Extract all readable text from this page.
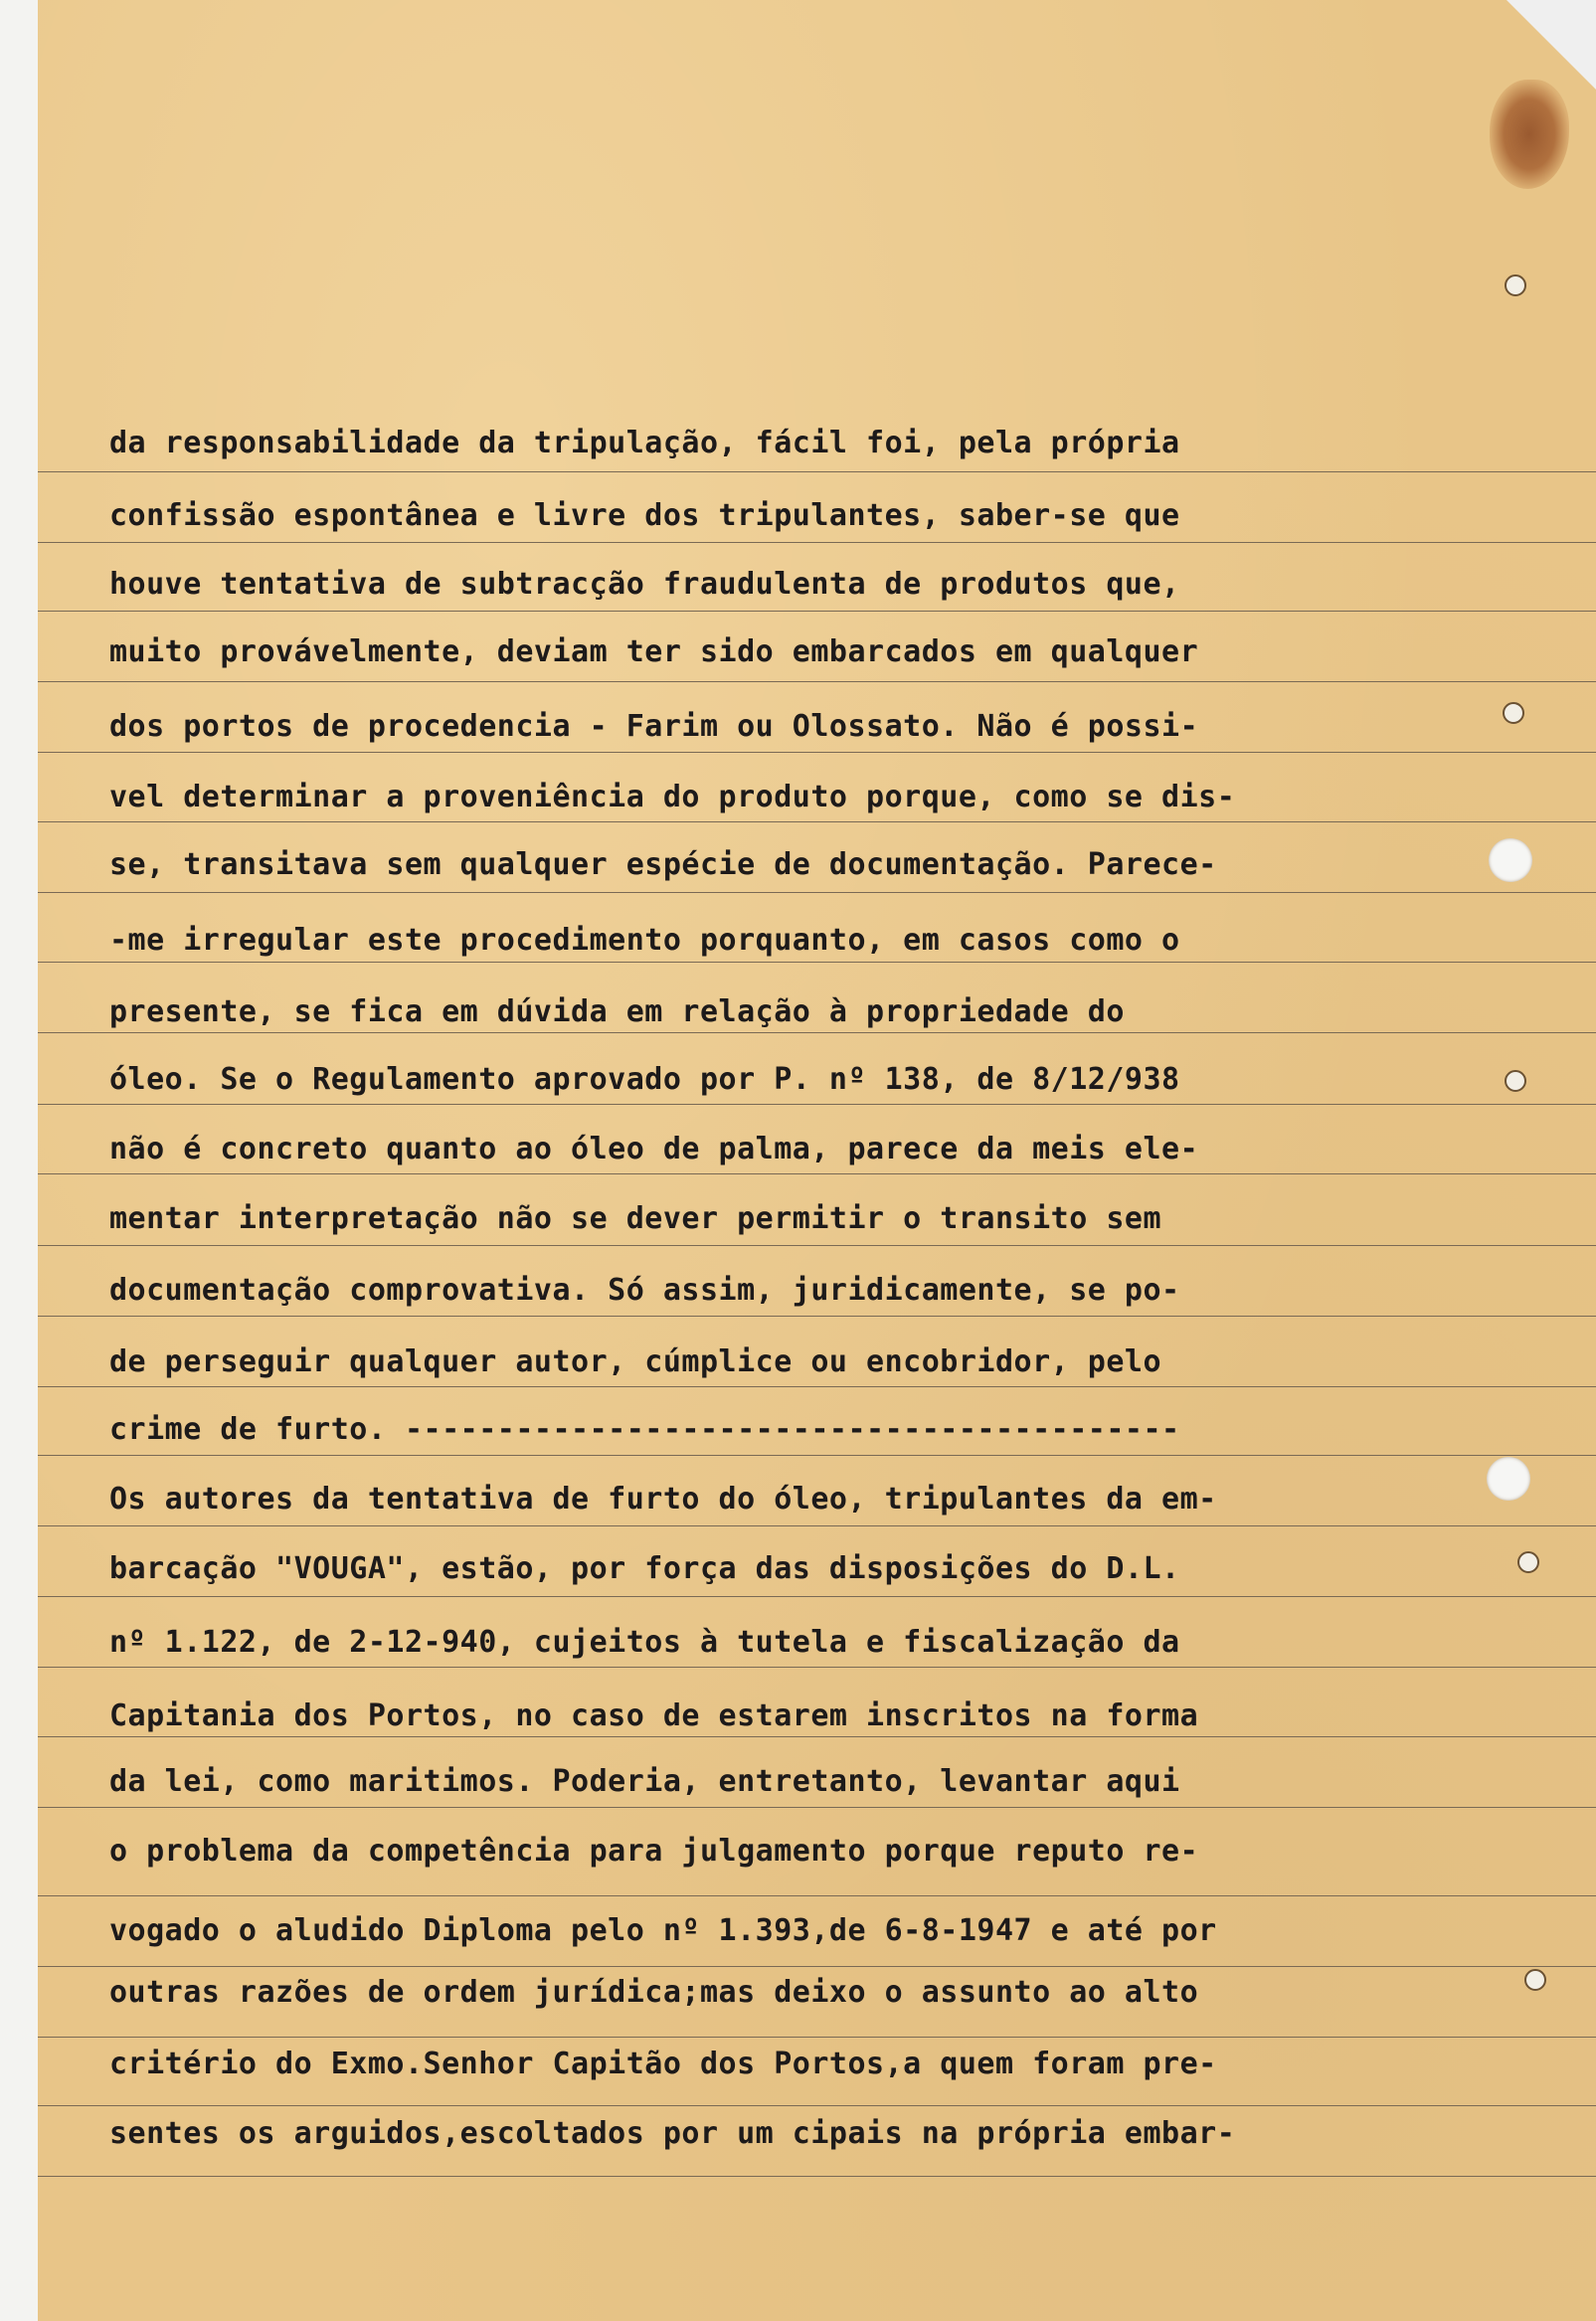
da responsabilidade da tripulação, fácil foi, pela própria
confissão espontânea e livre dos tripulantes, saber-se que
houve tentativa de subtracção fraudulenta de produtos que,
muito provávelmente, deviam ter sido embarcados em qualquer
dos portos de procedencia - Farim ou Olossato. Não é possi-
vel determinar a proveniência do produto porque, como se dis-
se, transitava sem qualquer espécie de documentação. Parece-
-me irregular este procedimento porquanto, em casos como o
presente, se fica em dúvida em relação à propriedade do
óleo. Se o Regulamento aprovado por P. nº 138, de 8/12/938
não é concreto quanto ao óleo de palma, parece da meis ele-
mentar interpretação não se dever permitir o transito sem
documentação comprovativa. Só assim, juridicamente, se po-
de perseguir qualquer autor, cúmplice ou encobridor, pelo
crime de furto. ------------------------------------------
Os autores da tentativa de furto do óleo, tripulantes da em-
barcação "VOUGA", estão, por força das disposições do D.L.
nº 1.122, de 2-12-940, cujeitos à tutela e fiscalização da
Capitania dos Portos, no caso de estarem inscritos na forma
da lei, como maritimos. Poderia, entretanto, levantar aqui
o problema da competência para julgamento porque reputo re-
vogado o aludido Diploma pelo nº 1.393,de 6-8-1947 e até por
outras razões de ordem jurídica;mas deixo o assunto ao alto
critério do Exmo.Senhor Capitão dos Portos,a quem foram pre-
sentes os arguidos,escoltados por um cipais na própria embar-
